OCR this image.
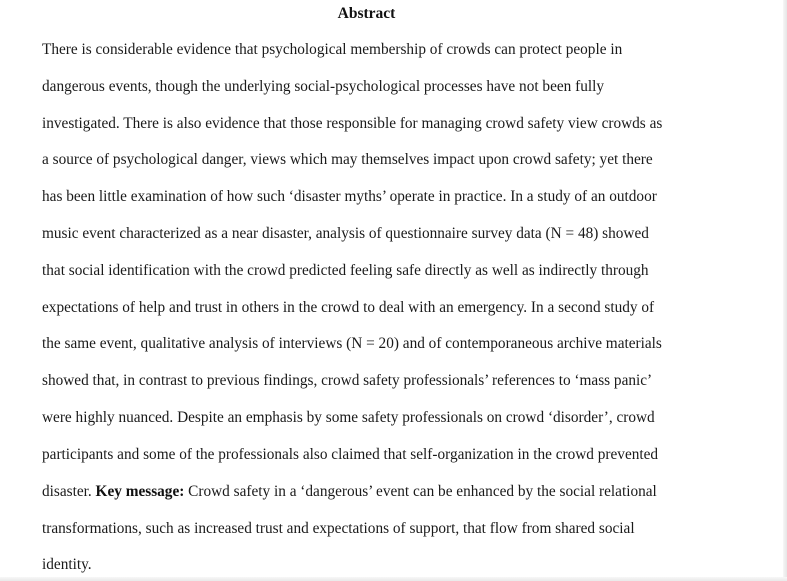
Abstract
There is considerable evidence that psychological membership of crowds can protect people in
dangerous events, though the underlying social-psychological processes have not been fully
investigated. There is also evidence that those responsible for managing crowd safety view crowds as
a source of psychological danger, views which may themselves impact upon crowd safety; yet there
has been little examination of how such ‘disaster myths’ operate in practice. In a study of an outdoor
music event characterized as a near disaster, analysis of questionnaire survey data (N = 48) showed
that social identification with the crowd predicted feeling safe directly as well as indirectly through
expectations of help and trust in others in the crowd to deal with an emergency. In a second study of
the same event, qualitative analysis of interviews (N = 20) and of contemporaneous archive materials
showed that, in contrast to previous findings, crowd safety professionals’ references to ‘mass panic’
were highly nuanced. Despite an emphasis by some safety professionals on crowd ‘disorder’, crowd
participants and some of the professionals also claimed that self-organization in the crowd prevented
disaster. Key message: Crowd safety in a ‘dangerous’ event can be enhanced by the social relational
transformations, such as increased trust and expectations of support, that flow from shared social
identity.
